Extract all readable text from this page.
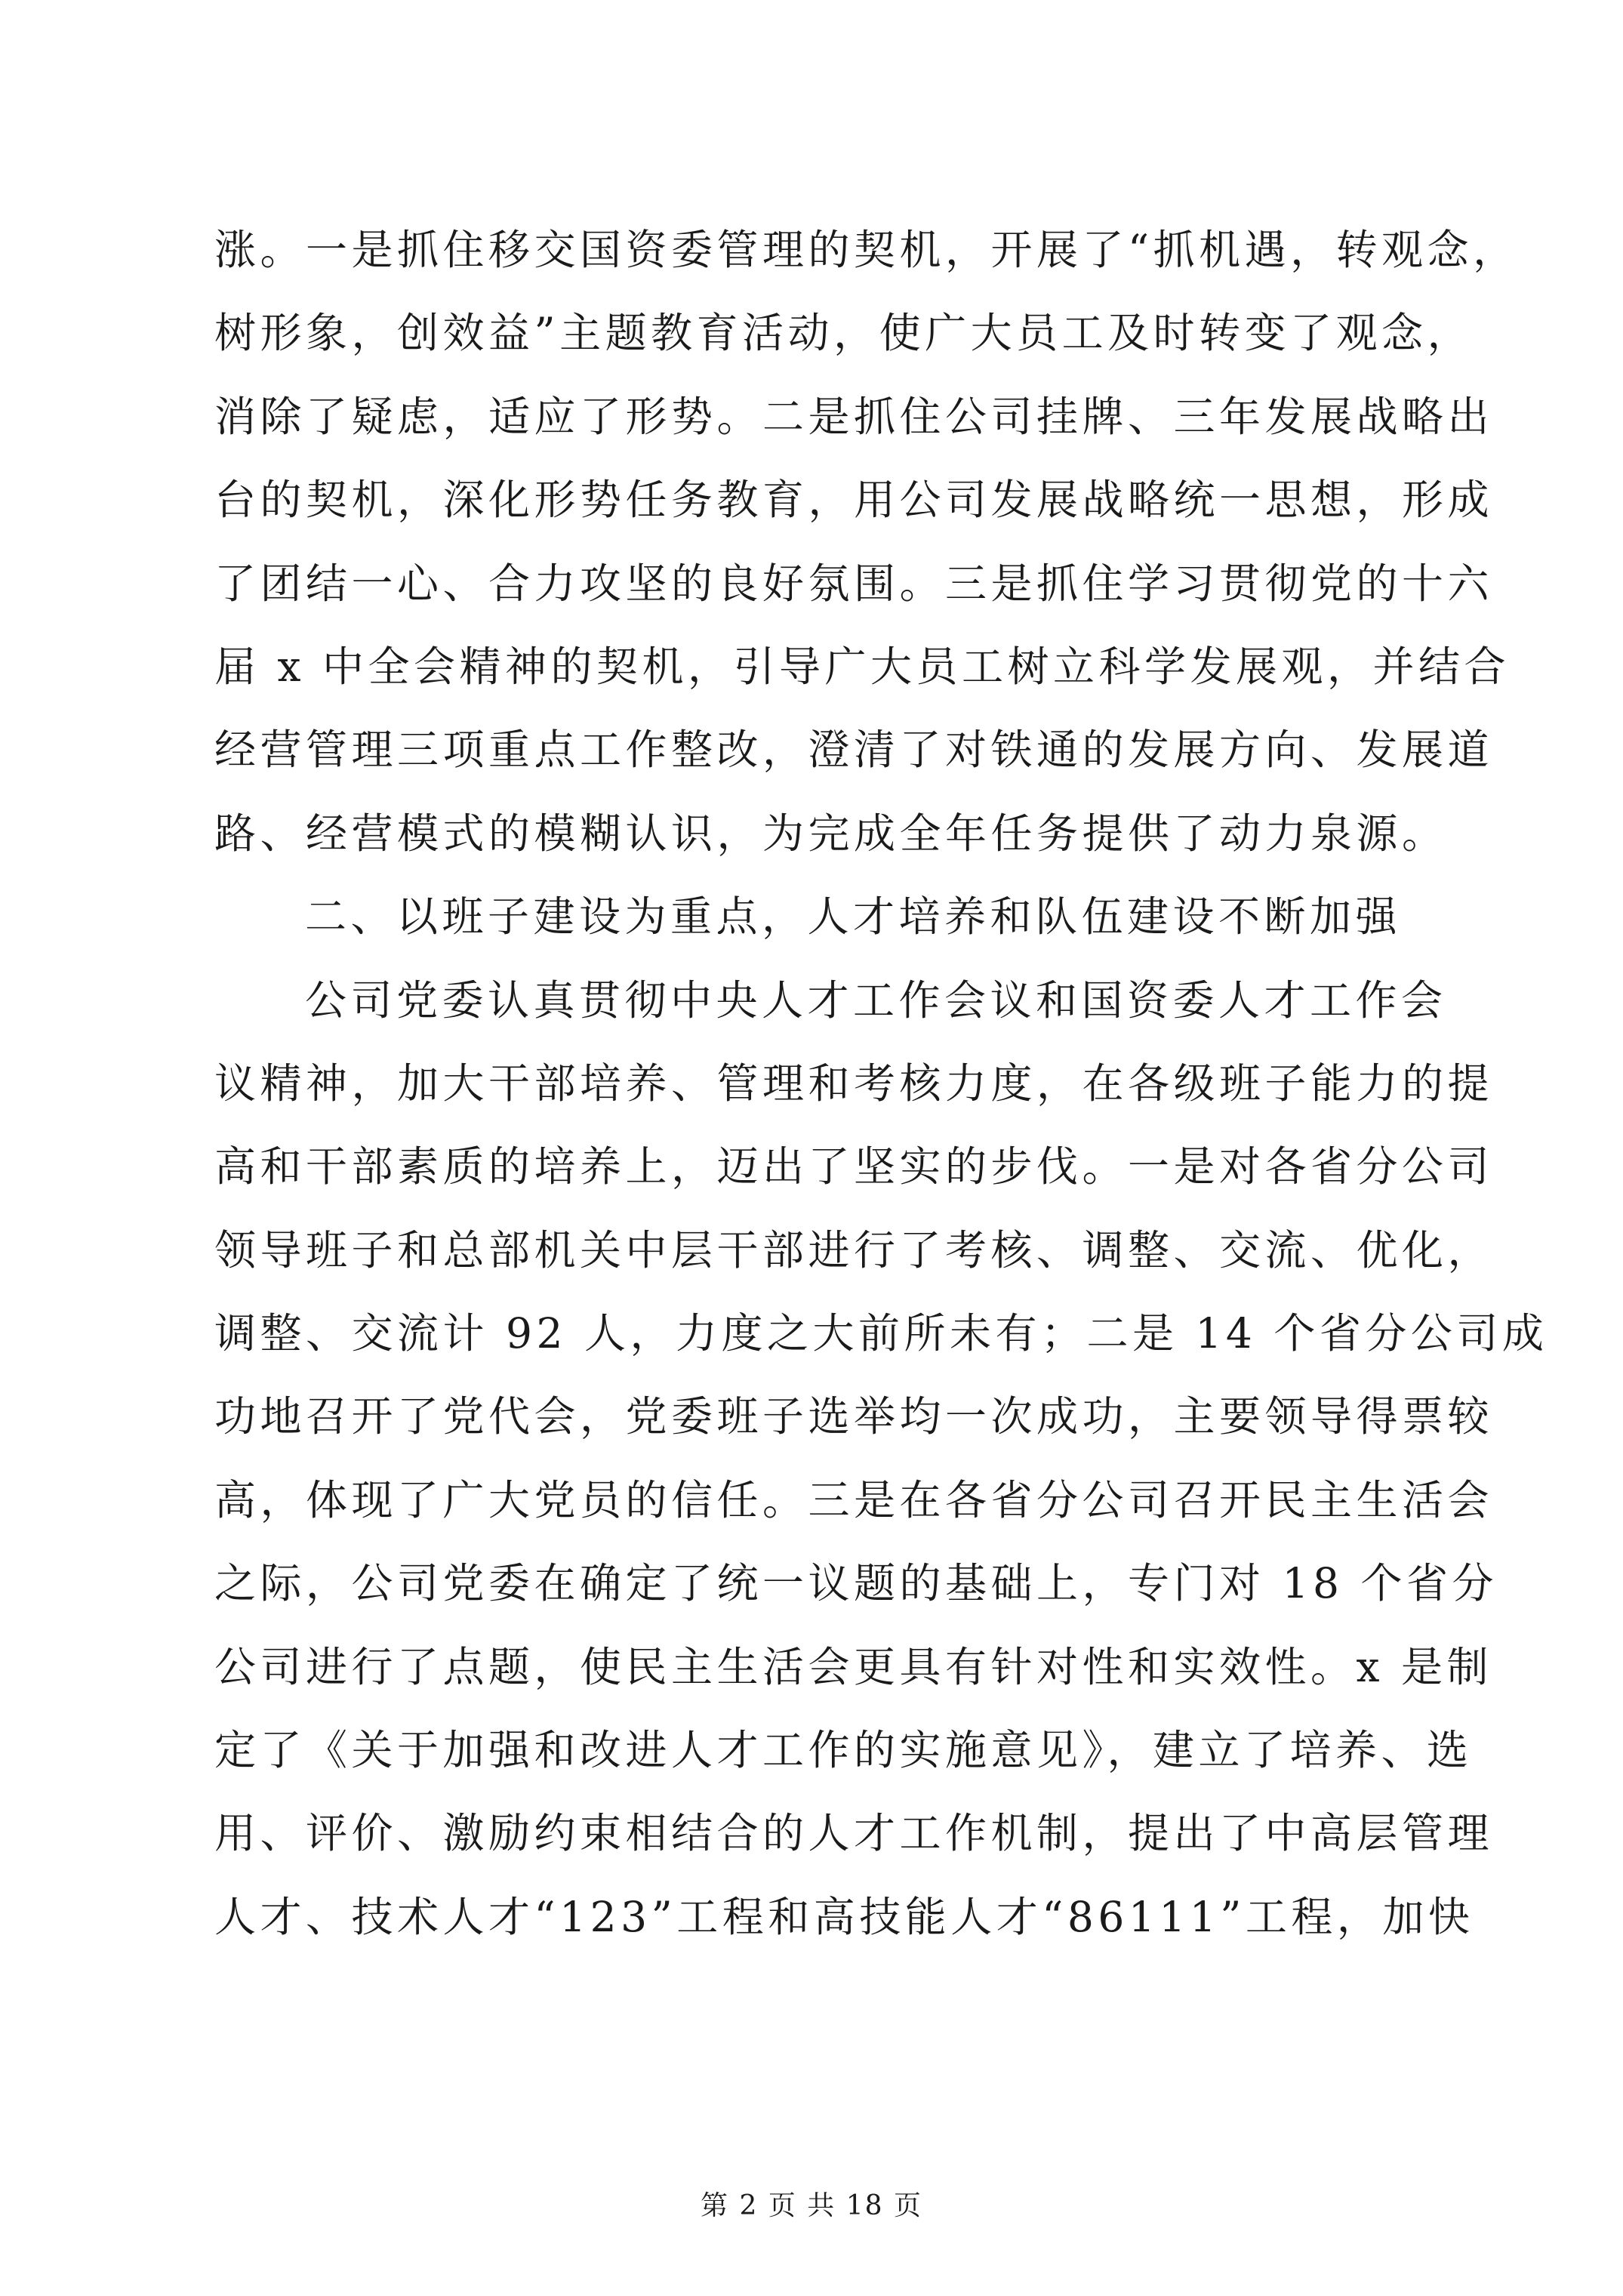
涨。一是抓住移交国资委管理的契机，开展了“抓机遇，转观念，
树形象，创效益”主题教育活动，使广大员工及时转变了观念，
消除了疑虑，适应了形势。二是抓住公司挂牌、三年发展战略出
台的契机，深化形势任务教育，用公司发展战略统一思想，形成
了团结一心、合力攻坚的良好氛围。三是抓住学习贯彻党的十六
届 x 中全会精神的契机，引导广大员工树立科学发展观，并结合
经营管理三项重点工作整改，澄清了对铁通的发展方向、发展道
路、经营模式的模糊认识，为完成全年任务提供了动力泉源。
二、以班子建设为重点，人才培养和队伍建设不断加强
公司党委认真贯彻中央人才工作会议和国资委人才工作会
议精神，加大干部培养、管理和考核力度，在各级班子能力的提
高和干部素质的培养上，迈出了坚实的步伐。一是对各省分公司
领导班子和总部机关中层干部进行了考核、调整、交流、优化，
调整、交流计 92 人，力度之大前所未有；二是 14 个省分公司成
功地召开了党代会，党委班子选举均一次成功，主要领导得票较
高，体现了广大党员的信任。三是在各省分公司召开民主生活会
之际，公司党委在确定了统一议题的基础上，专门对 18 个省分
公司进行了点题，使民主生活会更具有针对性和实效性。x 是制
定了《关于加强和改进人才工作的实施意见》，建立了培养、选
用、评价、激励约束相结合的人才工作机制，提出了中高层管理
人才、技术人才“123”工程和高技能人才“86111”工程，加快
第 2 页 共 18 页
